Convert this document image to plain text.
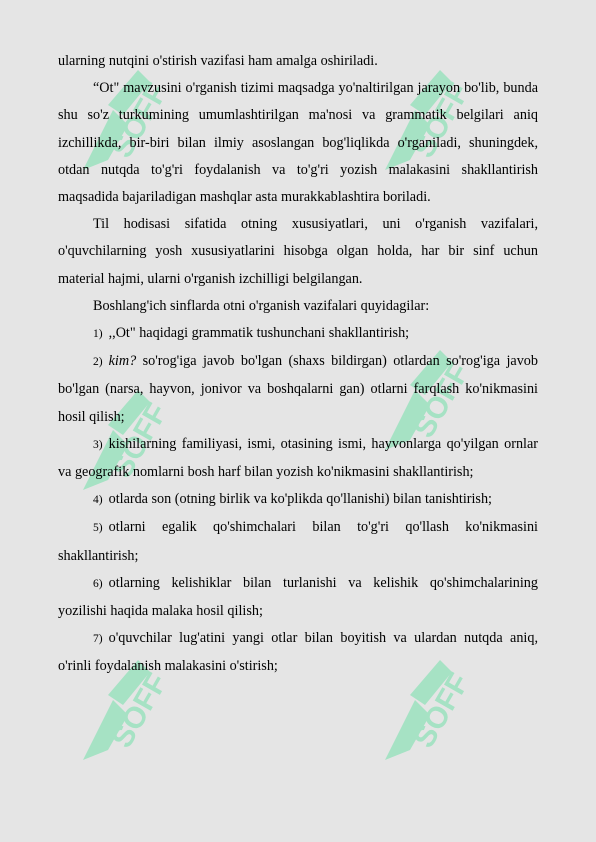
SOFF	SOFF
SOFF	SOFF
SOFF	SOFF

ularning nutqini o'stirish vazifasi ham amalga oshiriladi.

“Ot" mavzusini o'rganish tizimi maqsadga yo'naltirilgan jarayon bo'lib, bunda shu so'z turkumining umumlashtirilgan ma'nosi va grammatik belgilari aniq izchillikda, bir-biri bilan ilmiy asoslangan bog'liqlikda o'rganiladi, shuningdek, otdan nutqda to'g'ri foydalanish va to'g'ri yozish malakasini shakllantirish maqsadida bajariladigan mashqlar asta murakkablashtira boriladi.

Til hodisasi sifatida otning xususiyatlari, uni o'rganish vazifalari, o'quvchilarning yosh xususiyatlarini hisobga olgan holda, har bir sinf uchun material hajmi, ularni o'rganish izchilligi belgilangan.

Boshlang'ich sinflarda otni o'rganish vazifalari quyidagilar:

1) ,,Ot" haqidagi grammatik tushunchani shakllantirish;

2) kim? so'rog'iga javob bo'lgan (shaxs bildirgan) otlardan so'rog'iga javob bo'lgan (narsa, hayvon, jonivor va boshqalarni gan) otlarni farqlash ko'nikmasini hosil qilish;

3) kishilarning familiyasi, ismi, otasining ismi, hayvonlarga qo'yilgan ornlar va geografik nomlarni bosh harf bilan yozish ko'nikmasini shakllantirish;

4) otlarda son (otning birlik va ko'plikda qo'llanishi) bilan tanishtirish;

5) otlarni egalik qo'shimchalari bilan to'g'ri qo'llash ko'nikmasini shakllantirish;

6) otlarning kelishiklar bilan turlanishi va kelishik qo'shimchalarining yozilishi haqida malaka hosil qilish;

7) o'quvchilar lug'atini yangi otlar bilan boyitish va ulardan nutqda aniq, o'rinli foydalanish malakasini o'stirish;
